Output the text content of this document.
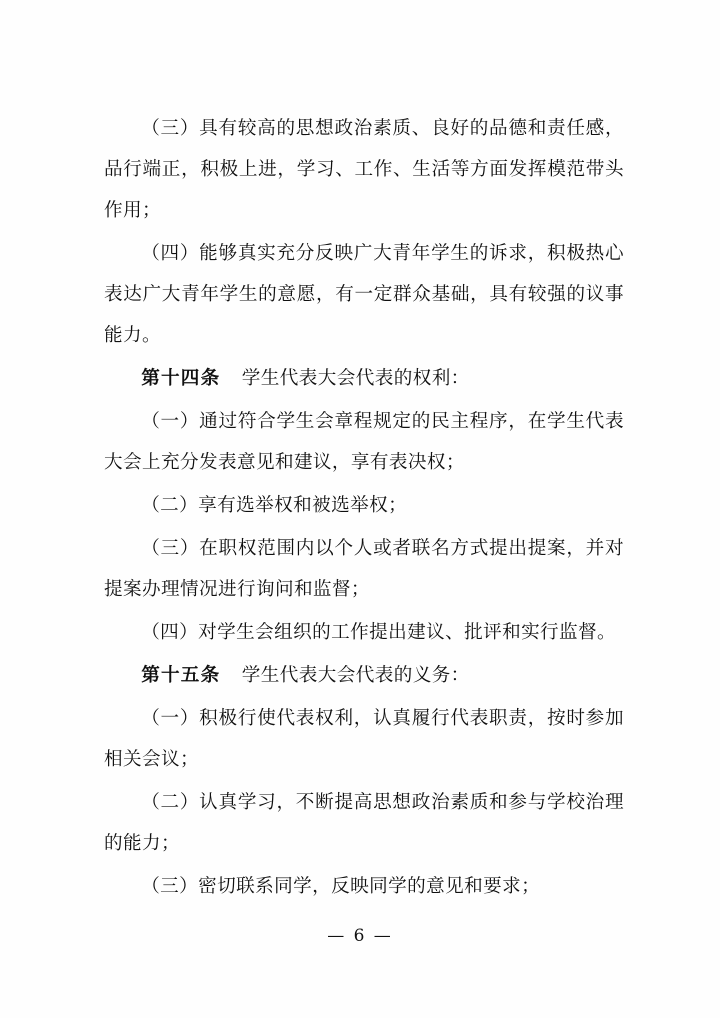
（三）具有较高的思想政治素质、良好的品德和责任感，品行端正，积极上进，学习、工作、生活等方面发挥模范带头作用；

（四）能够真实充分反映广大青年学生的诉求，积极热心表达广大青年学生的意愿，有一定群众基础，具有较强的议事能力。

第十四条 学生代表大会代表的权利：

（一）通过符合学生会章程规定的民主程序，在学生代表大会上充分发表意见和建议，享有表决权；

（二）享有选举权和被选举权；

（三）在职权范围内以个人或者联名方式提出提案，并对提案办理情况进行询问和监督；

（四）对学生会组织的工作提出建议、批评和实行监督。

第十五条 学生代表大会代表的义务：

（一）积极行使代表权利，认真履行代表职责，按时参加相关会议；

（二）认真学习，不断提高思想政治素质和参与学校治理的能力；

（三）密切联系同学，反映同学的意见和要求；

— 6 —
